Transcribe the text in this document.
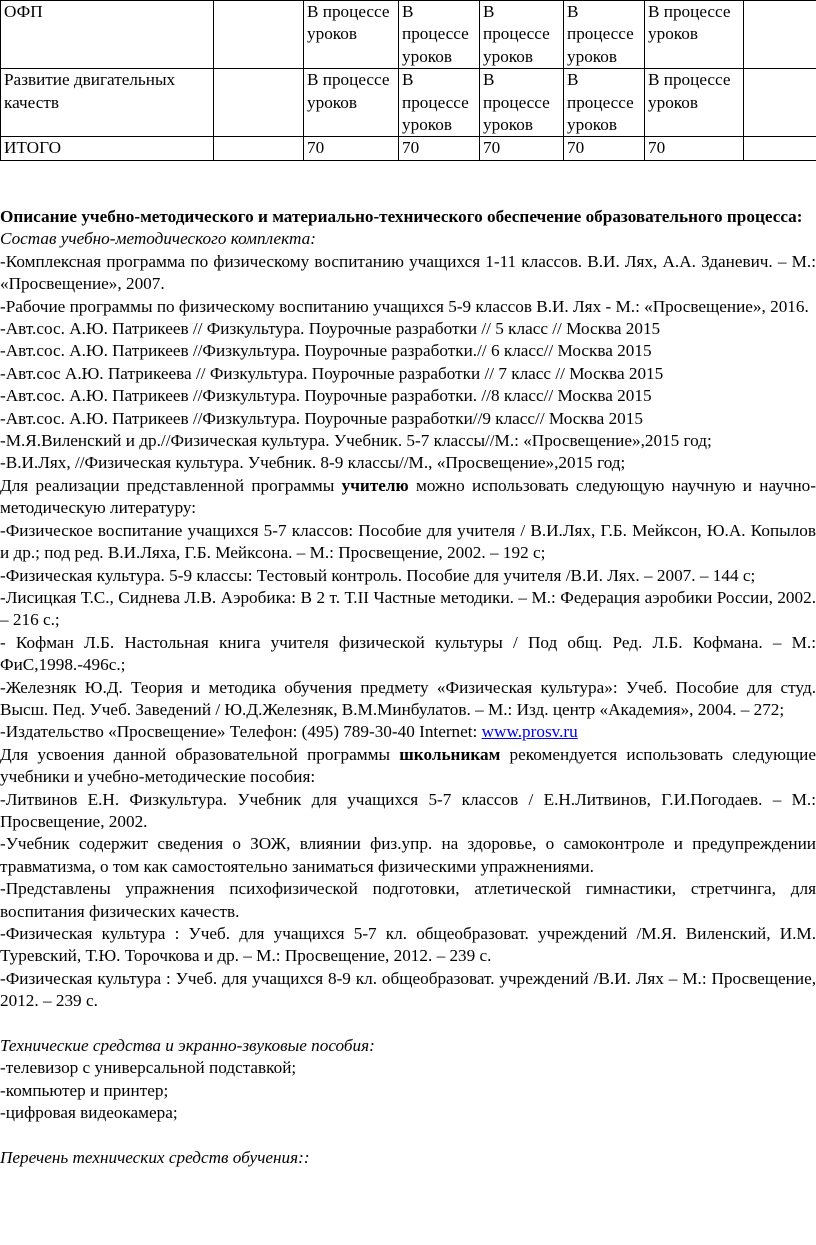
ОФП		В процессе уроков	В процессе уроков	В процессе уроков	В процессе уроков	В процессе уроков	
Развитие двигательных качеств		В процессе уроков	В процессе уроков	В процессе уроков	В процессе уроков	В процессе уроков	
ИТОГО		70	70	70	70	70	

Описание учебно-методического и материально-технического обеспечение образовательного процесса:

Состав учебно-методического комплекта:

-Комплексная программа по физическому воспитанию учащихся 1-11 классов. В.И. Лях, А.А. Зданевич. – М.: «Просвещение», 2007.

-Рабочие программы по физическому воспитанию учащихся 5-9 классов В.И. Лях - М.: «Просвещение», 2016.

-Авт.сос. А.Ю. Патрикеев // Физкультура. Поурочные разработки // 5 класс // Москва 2015

-Авт.сос. А.Ю. Патрикеев //Физкультура. Поурочные разработки.// 6 класс// Москва 2015

-Авт.сос А.Ю. Патрикеева // Физкультура. Поурочные разработки // 7 класс // Москва 2015

-Авт.сос. А.Ю. Патрикеев //Физкультура. Поурочные разработки. //8 класс// Москва 2015

-Авт.сос. А.Ю. Патрикеев //Физкультура. Поурочные разработки//9 класс// Москва 2015

-М.Я.Виленский и др.//Физическая культура. Учебник. 5-7 классы//М.: «Просвещение»,2015 год;

-В.И.Лях, //Физическая культура. Учебник. 8-9 классы//М., «Просвещение»,2015 год;

Для реализации представленной программы учителю можно использовать следующую научную и научно-методическую литературу:

-Физическое воспитание учащихся 5-7 классов: Пособие для учителя / В.И.Лях, Г.Б. Мейксон, Ю.А. Копылов и др.; под ред. В.И.Ляха, Г.Б. Мейксона. – М.: Просвещение, 2002. – 192 с;

-Физическая культура. 5-9 классы: Тестовый контроль. Пособие для учителя /В.И. Лях. – 2007. – 144 с;

-Лисицкая Т.С., Сиднева Л.В. Аэробика: В 2 т. Т.II Частные методики. – М.: Федерация аэробики России, 2002. – 216 с.;

- Кофман Л.Б. Настольная книга учителя физической культуры / Под общ. Ред. Л.Б. Кофмана. – М.: ФиС,1998.-496с.;

-Железняк Ю.Д. Теория и методика обучения предмету «Физическая культура»: Учеб. Пособие для студ. Высш. Пед. Учеб. Заведений / Ю.Д.Железняк, В.М.Минбулатов. – М.: Изд. центр «Академия», 2004. – 272;

-Издательство «Просвещение» Телефон: (495) 789-30-40 Internet: www.prosv.ru

Для усвоения данной образовательной программы школьникам рекомендуется использовать следующие учебники и учебно-методические пособия:

-Литвинов Е.Н. Физкультура. Учебник для учащихся 5-7 классов / Е.Н.Литвинов, Г.И.Погодаев. – М.: Просвещение, 2002.

-Учебник содержит сведения о ЗОЖ, влиянии физ.упр. на здоровье, о самоконтроле и предупреждении травматизма, о том как самостоятельно заниматься физическими упражнениями.

-Представлены упражнения психофизической подготовки, атлетической гимнастики, стретчинга, для воспитания физических качеств.

-Физическая культура : Учеб. для учащихся 5-7 кл. общеобразоват. учреждений /М.Я. Виленский, И.М. Туревский, Т.Ю. Торочкова и др. – М.: Просвещение, 2012. – 239 с.

-Физическая культура : Учеб. для учащихся 8-9 кл. общеобразоват. учреждений /В.И. Лях – М.: Просвещение, 2012. – 239 с.

Технические средства и экранно-звуковые пособия:

-телевизор с универсальной подставкой;

-компьютер и принтер;

-цифровая видеокамера;

Перечень технических средств обучения::
